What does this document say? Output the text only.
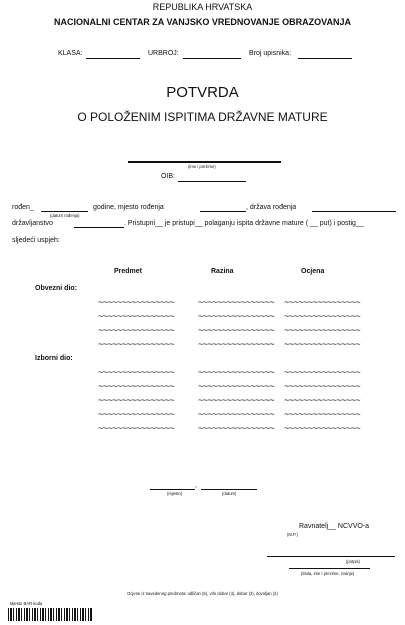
REPUBLIKA HRVATSKA
NACIONALNI CENTAR ZA VANJSKO VREDNOVANJE OBRAZOVANJA
KLASA:	URBROJ:	Broj upisnika:
POTVRDA
O POLOŽENIM ISPITIMA DRŽAVNE MATURE
(ime i prezime)
OIB:
rođen_
(datum rođenja)
godine, mjesto rođenja	, država rođenja
državljanstvo	. Pristupni__ je pristupi__ polaganju ispita državne mature ( __ put) i postig__
sljedeći uspjeh:
Predmet	Razina	Ocjena
Obvezni dio:
~~~~~~~~~~~~~~~~	~~~~~~~~~~~~~~~~ ~~~~~~~~~~~~~~~~
~~~~~~~~~~~~~~~~	~~~~~~~~~~~~~~~~ ~~~~~~~~~~~~~~~~
~~~~~~~~~~~~~~~~	~~~~~~~~~~~~~~~~ ~~~~~~~~~~~~~~~~
~~~~~~~~~~~~~~~~	~~~~~~~~~~~~~~~~ ~~~~~~~~~~~~~~~~
Izborni dio:
~~~~~~~~~~~~~~~~	~~~~~~~~~~~~~~~~ ~~~~~~~~~~~~~~~~
~~~~~~~~~~~~~~~~	~~~~~~~~~~~~~~~~ ~~~~~~~~~~~~~~~~
~~~~~~~~~~~~~~~~	~~~~~~~~~~~~~~~~ ~~~~~~~~~~~~~~~~
~~~~~~~~~~~~~~~~	~~~~~~~~~~~~~~~~ ~~~~~~~~~~~~~~~~
~~~~~~~~~~~~~~~~	~~~~~~~~~~~~~~~~ ~~~~~~~~~~~~~~~~
,
(mjesto)	(datum)
(M.P.)
Ravnatelj__ NCVVO-a
(potpis)
(titula, ime i prezime, zvanje)
Ocjene iz navedenog predmeta: odličan (5), vrlo dobar (4), dobar (3), dovoljan (2)
Mjesto BAR koda
